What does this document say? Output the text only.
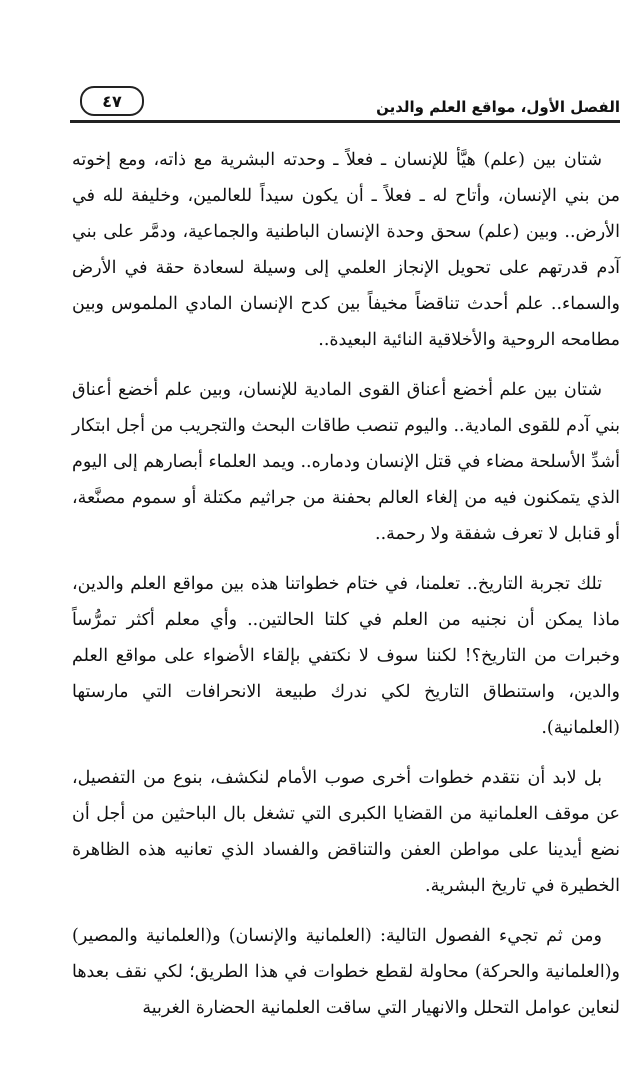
الفصل الأول، مواقع العلم والدين
٤٧

شتان بين (علم) هيَّأ للإنسان ـ فعلاً ـ وحدته البشرية مع ذاته، ومع إخوته من بني الإنسان، وأتاح له ـ فعلاً ـ أن يكون سيداً للعالمين، وخليفة لله في الأرض.. وبين (علم) سحق وحدة الإنسان الباطنية والجماعية، ودمَّر على بني آدم قدرتهم على تحويل الإنجاز العلمي إلى وسيلة لسعادة حقة في الأرض والسماء.. علم أحدث تناقضاً مخيفاً بين كدح الإنسان المادي الملموس وبين مطامحه الروحية والأخلاقية النائية البعيدة..

شتان بين علم أخضع أعناق القوى المادية للإنسان، وبين علم أخضع أعناق بني آدم للقوى المادية.. واليوم تنصب طاقات البحث والتجريب من أجل ابتكار أشدِّ الأسلحة مضاء في قتل الإنسان ودماره.. ويمد العلماء أبصارهم إلى اليوم الذي يتمكنون فيه من إلغاء العالم بحفنة من جراثيم مكتلة أو سموم مصنَّعة، أو قنابل لا تعرف شفقة ولا رحمة..

تلك تجربة التاريخ.. تعلمنا، في ختام خطواتنا هذه بين مواقع العلم والدين، ماذا يمكن أن نجنيه من العلم في كلتا الحالتين.. وأي معلم أكثر تمرُّساً وخبرات من التاريخ؟! لكننا سوف لا نكتفي بإلقاء الأضواء على مواقع العلم والدين، واستنطاق التاريخ لكي ندرك طبيعة الانحرافات التي مارستها (العلمانية).

بل لابد أن نتقدم خطوات أخرى صوب الأمام لنكشف، بنوع من التفصيل، عن موقف العلمانية من القضايا الكبرى التي تشغل بال الباحثين من أجل أن نضع أيدينا على مواطن العفن والتناقض والفساد الذي تعانيه هذه الظاهرة الخطيرة في تاريخ البشرية.

ومن ثم تجيء الفصول التالية: (العلمانية والإنسان) و(العلمانية والمصير) و(العلمانية والحركة) محاولة لقطع خطوات في هذا الطريق؛ لكي نقف بعدها لنعاين عوامل التحلل والانهيار التي ساقت العلمانية الحضارة الغربية
